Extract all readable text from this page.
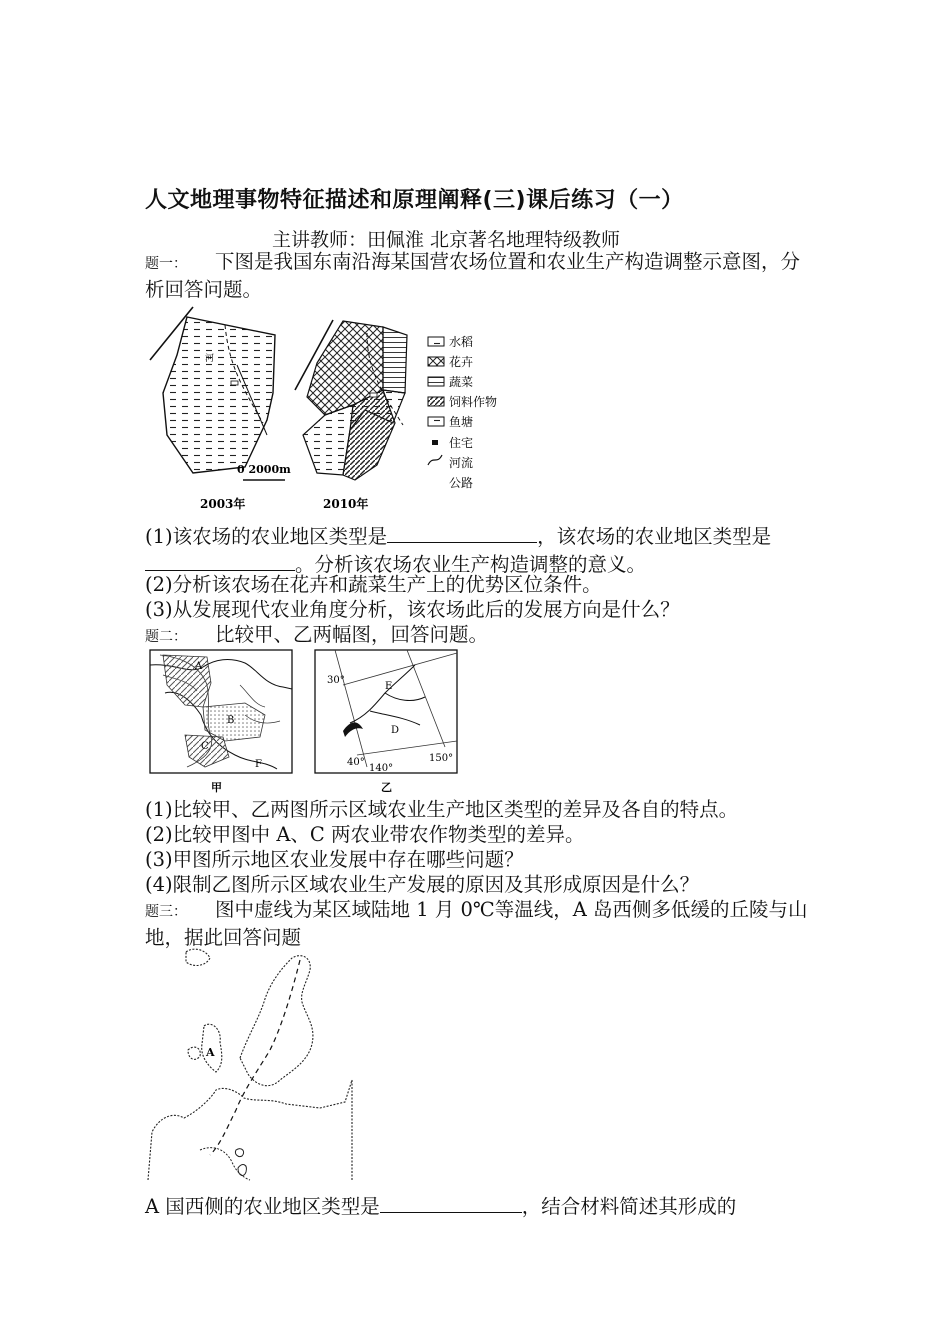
人文地理事物特征描述和原理阐释(三)课后练习（一）
主讲教师：田佩淮 北京著名地理特级教师
题一： 下图是我国东南沿海某国营农场位置和农业生产构造调整示意图，分析回答问题。
河
0 2000m
2003年	2010年
水稻
花卉
蔬菜
饲料作物
鱼塘
住宅
河流
公路
(1)该农场的农业地区类型是	，该农场的农业地区类型是。分析该农场农业生产构造调整的意义。
(2)分析该农场在花卉和蔬菜生产上的优势区位条件。
(3)从发展现代农业角度分析，该农场此后的发展方向是什么？
题二： 比较甲、乙两幅图，回答问题。
A
B
C
F
甲
30°
E
D
40°
140°
150°
乙
(1)比较甲、乙两图所示区域农业生产地区类型的差异及各自的特点。
(2)比较甲图中 A、C 两农业带农作物类型的差异。
(3)甲图所示地区农业发展中存在哪些问题？
(4)限制乙图所示区域农业生产发展的原因及其形成原因是什么？
题三： 图中虚线为某区域陆地 1 月 0℃等温线，A 岛西侧多低缓的丘陵与山地，据此回答问题
A
A 国西侧的农业地区类型是	，结合材料简述其形成的
